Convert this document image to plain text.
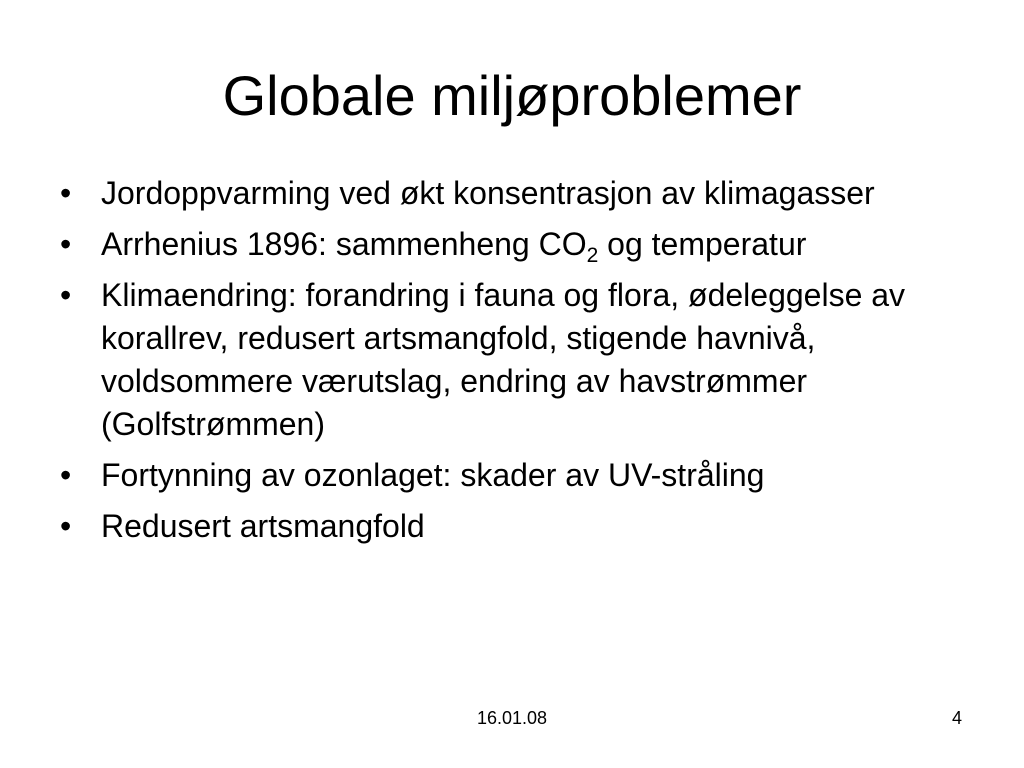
Globale miljøproblemer
• Jordoppvarming ved økt konsentrasjon av klimagasser
• Arrhenius 1896: sammenheng $CO_2$ og temperatur
• Klimaendring: forandring i fauna og flora, ødeleggelse av korallrev, redusert artsmangfold, stigende havnivå, voldsommere værutslag, endring av havstrømmer (Golfstrømmen)
• Fortynning av ozonlaget: skader av UV-stråling
• Redusert artsmangfold
16.01.08	4
